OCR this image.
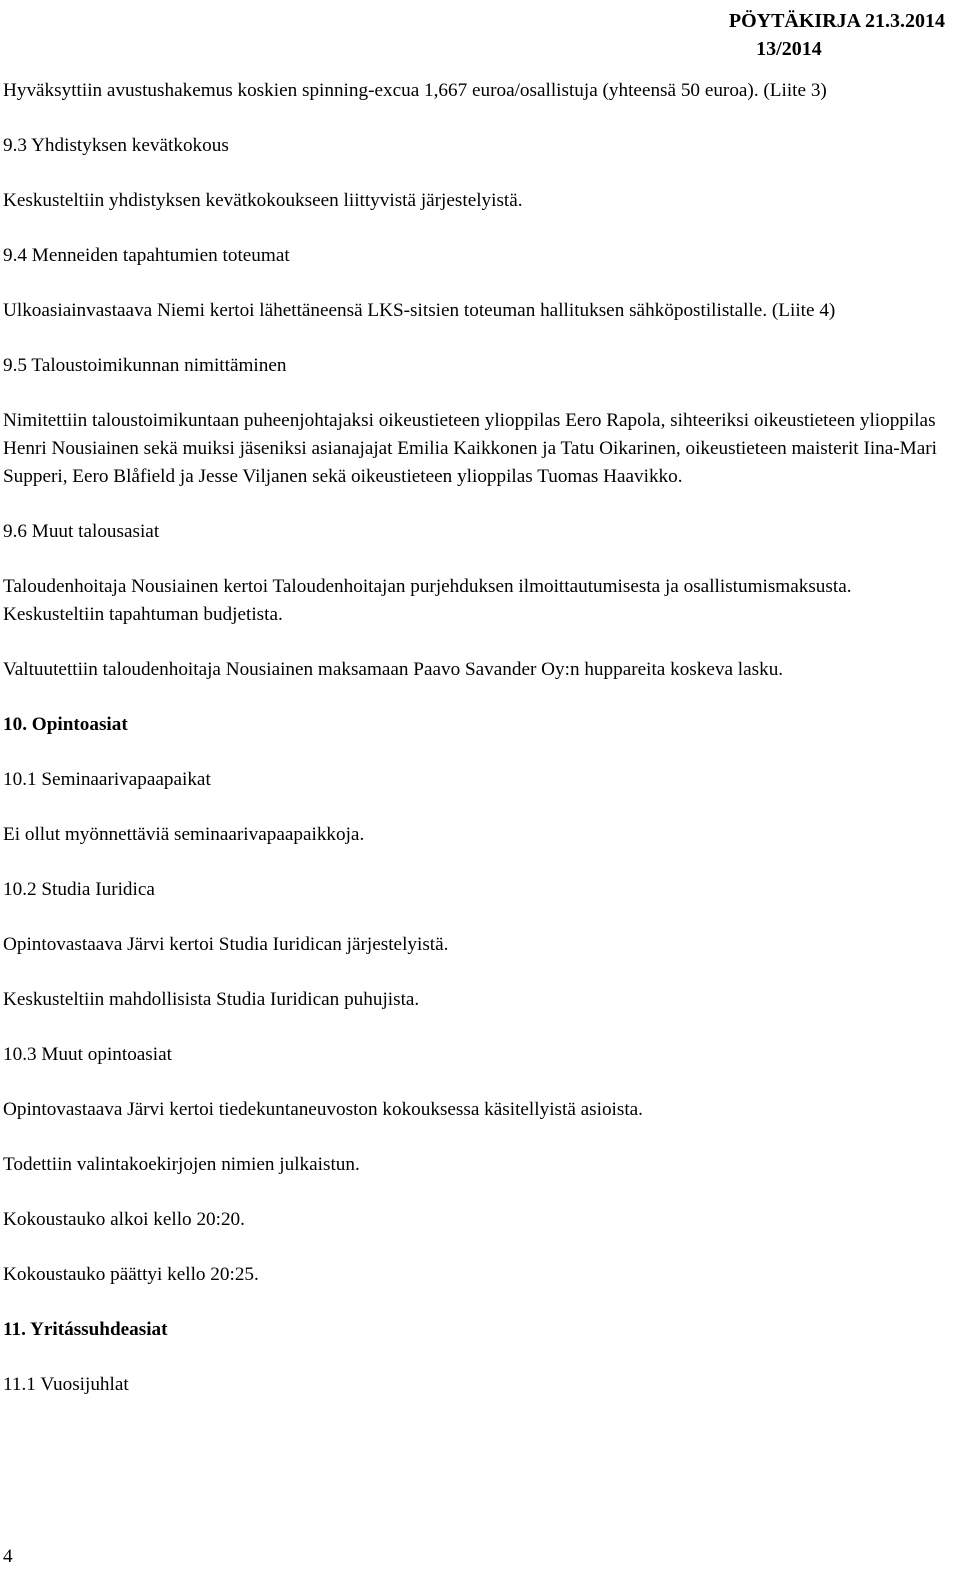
PÖYTÄKIRJA 21.3.2014
13/2014

Hyväksyttiin avustushakemus koskien spinning-excua 1,667 euroa/osallistuja (yhteensä 50 euroa). (Liite 3)

9.3 Yhdistyksen kevätkokous

Keskusteltiin yhdistyksen kevätkokoukseen liittyvistä järjestelyistä.

9.4 Menneiden tapahtumien toteumat

Ulkoasiainvastaava Niemi kertoi lähettäneensä LKS-sitsien toteuman hallituksen sähköpostilistalle. (Liite 4)

9.5 Taloustoimikunnan nimittäminen

Nimitettiin taloustoimikuntaan puheenjohtajaksi oikeustieteen ylioppilas Eero Rapola, sihteeriksi oikeustieteen ylioppilas Henri Nousiainen sekä muiksi jäseniksi asianajajat Emilia Kaikkonen ja Tatu Oikarinen, oikeustieteen maisterit Iina-Mari Supperi, Eero Blåfield ja Jesse Viljanen sekä oikeustieteen ylioppilas Tuomas Haavikko.

9.6 Muut talousasiat

Taloudenhoitaja Nousiainen kertoi Taloudenhoitajan purjehduksen ilmoittautumisesta ja osallistumismaksusta. Keskusteltiin tapahtuman budjetista.

Valtuutettiin taloudenhoitaja Nousiainen maksamaan Paavo Savander Oy:n huppareita koskeva lasku.

10. Opintoasiat

10.1 Seminaarivapaapaikat

Ei ollut myönnettäviä seminaarivapaapaikkoja.

10.2 Studia Iuridica

Opintovastaava Järvi kertoi Studia Iuridican järjestelyistä.

Keskusteltiin mahdollisista Studia Iuridican puhujista.

10.3 Muut opintoasiat

Opintovastaava Järvi kertoi tiedekuntaneuvoston kokouksessa käsitellyistä asioista.

Todettiin valintakoekirjojen nimien julkaistun.

Kokoustauko alkoi kello 20:20.

Kokoustauko päättyi kello 20:25.

11. Yritássuhdeasiat

11.1 Vuosijuhlat

4
